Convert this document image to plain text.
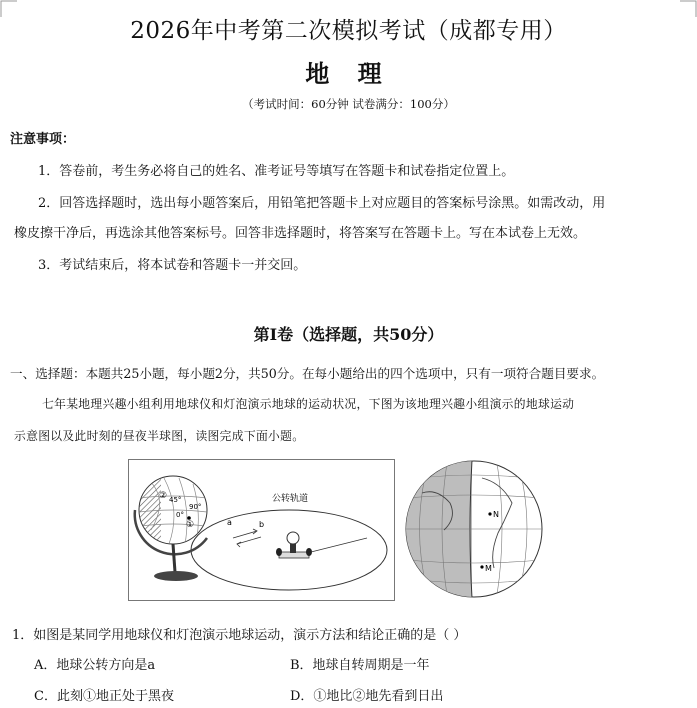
2026年中考第二次模拟考试（成都专用）
地 理
（考试时间：60分钟 试卷满分：100分）
注意事项：
1．答卷前，考生务必将自己的姓名、准考证号等填写在答题卡和试卷指定位置上。
2．回答选择题时，选出每小题答案后，用铅笔把答题卡上对应题目的答案标号涂黑。如需改动，用
橡皮擦干净后，再选涂其他答案标号。回答非选择题时，将答案写在答题卡上。写在本试卷上无效。
3．考试结束后，将本试卷和答题卡一并交回。
第Ⅰ卷（选择题，共50分）
一、选择题：本题共25小题，每小题2分，共50分。在每小题给出的四个选项中，只有一项符合题目要求。
七年某地理兴趣小组利用地球仪和灯泡演示地球的运动状况，下图为该地理兴趣小组演示的地球运动
示意图以及此时刻的昼夜半球图，读图完成下面小题。
② 45°
90°
0°
①
公转轨道
a	b
N
M
1．如图是某同学用地球仪和灯泡演示地球运动，演示方法和结论正确的是（ ）
A．地球公转方向是a	B．地球自转周期是一年
C．此刻①地正处于黑夜	D．①地比②地先看到日出
